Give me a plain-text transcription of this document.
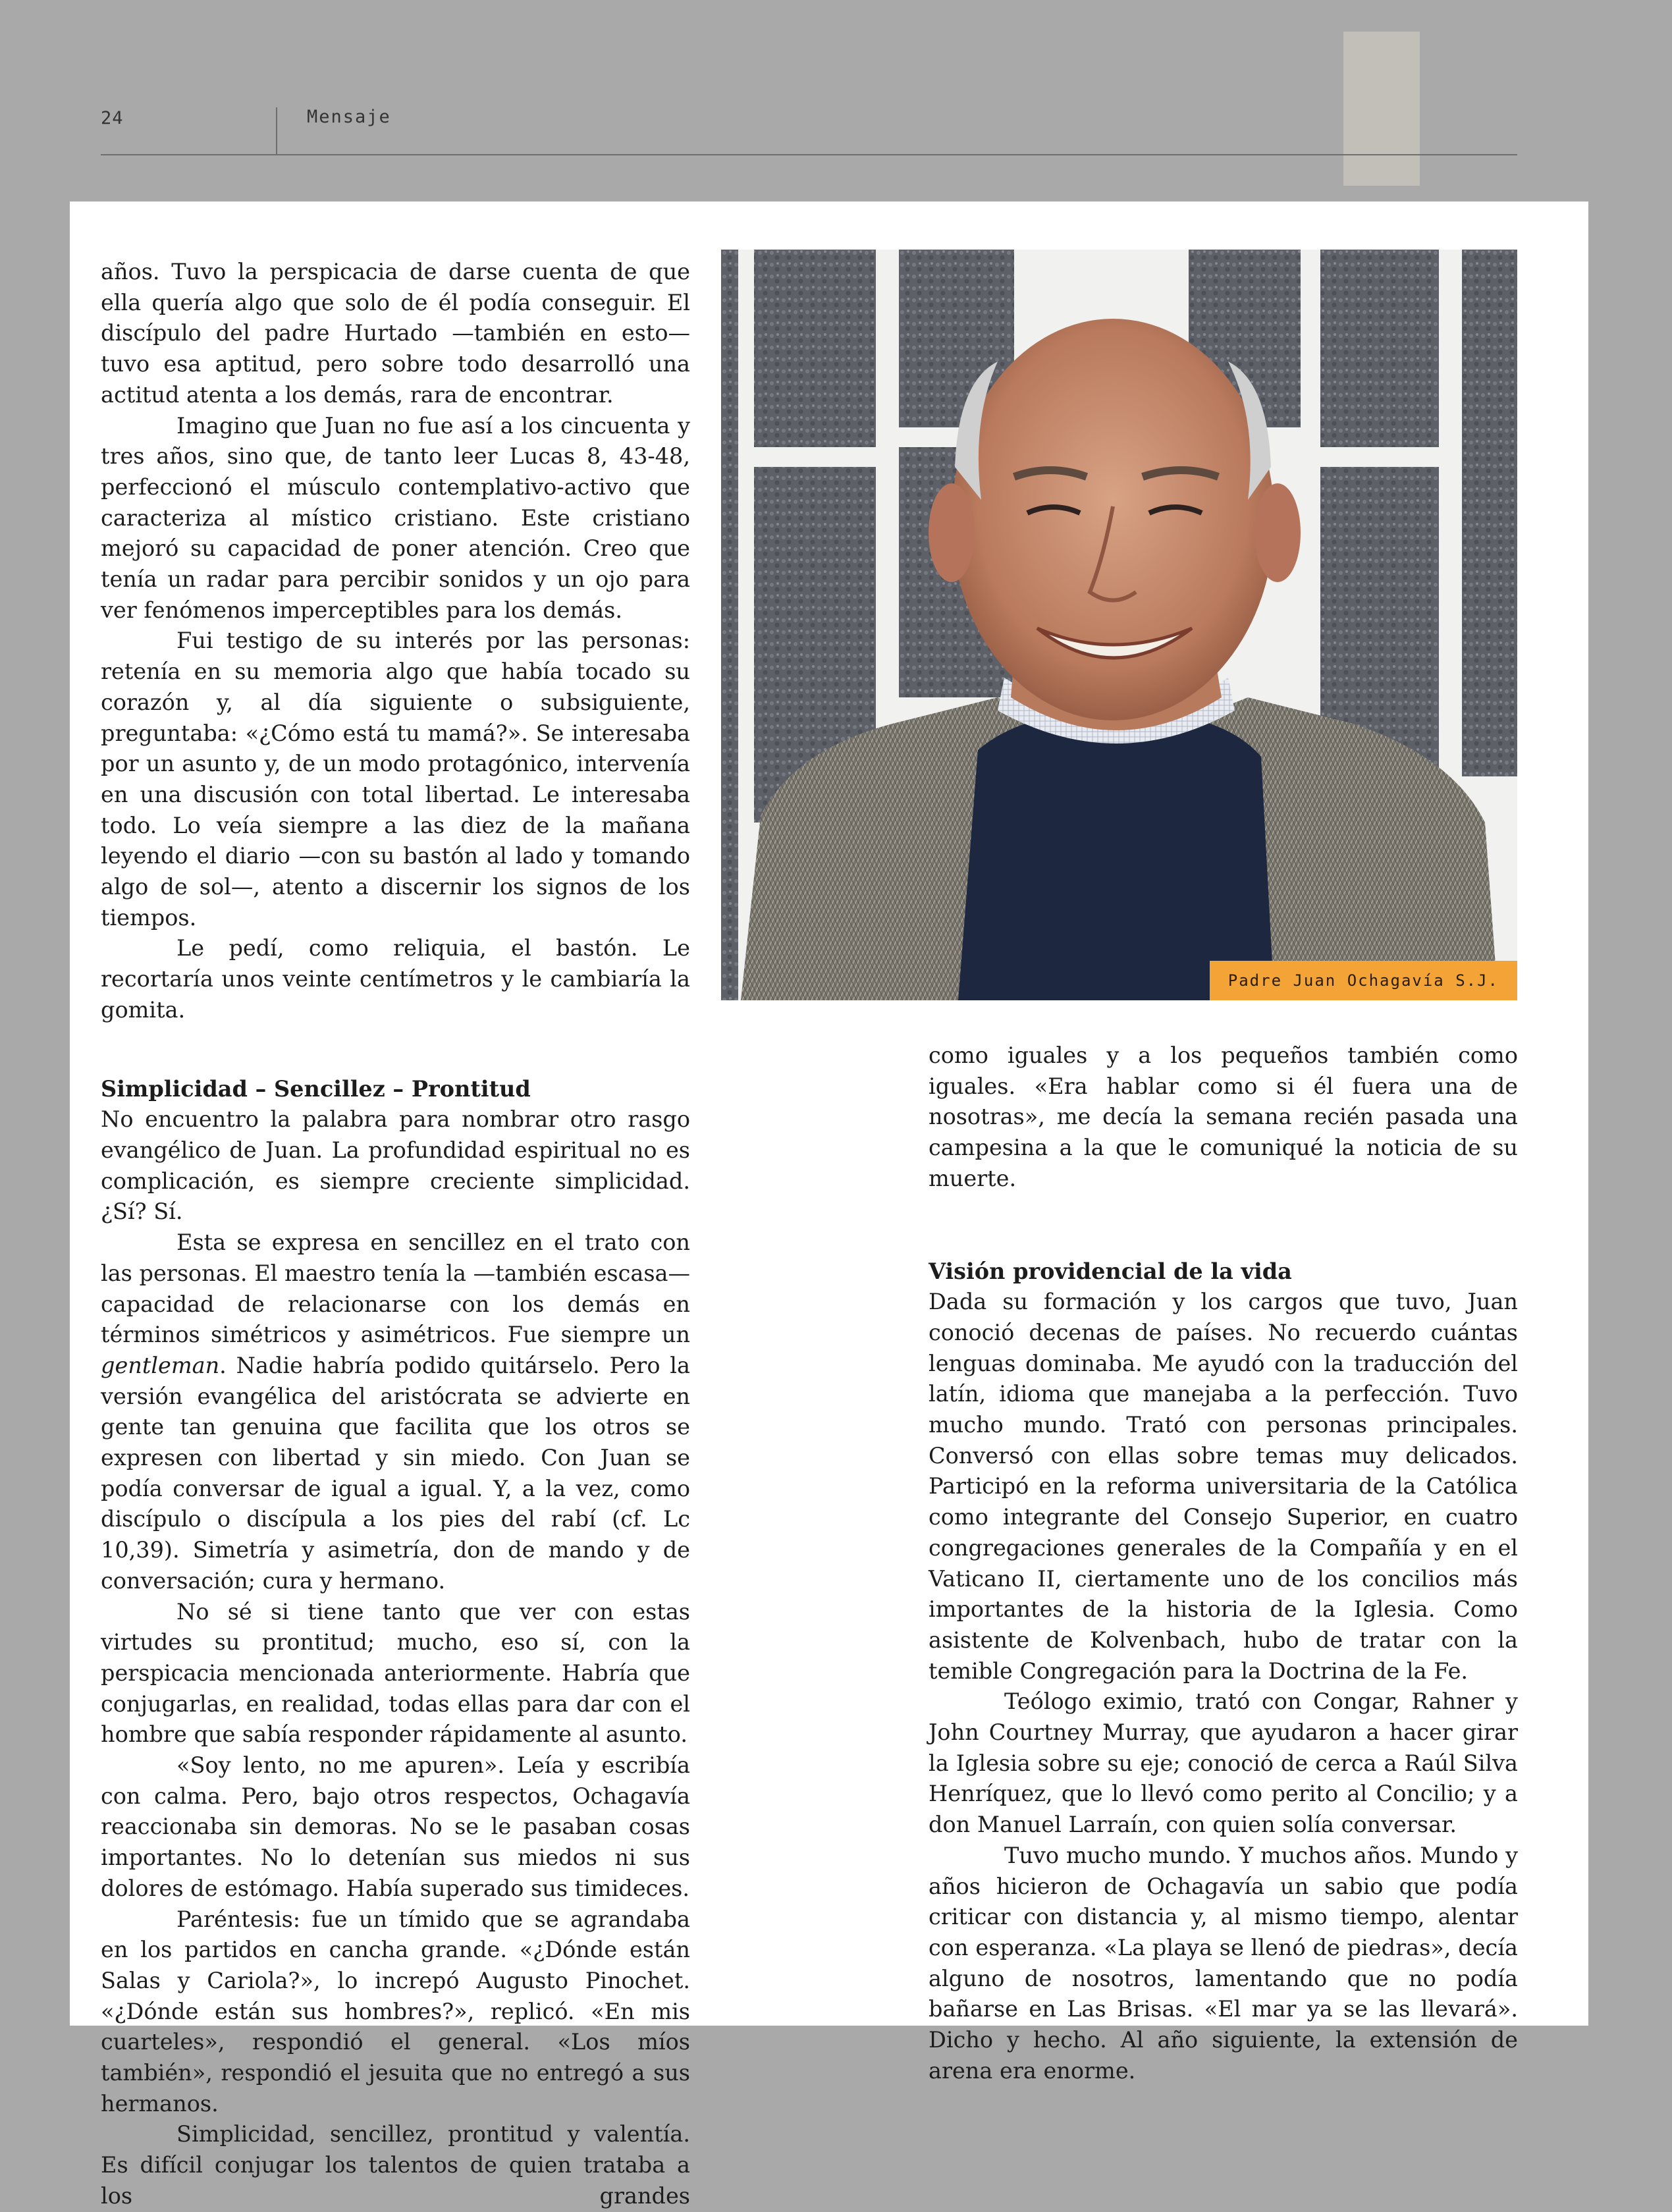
24	Mensaje

años. Tuvo la perspicacia de darse cuenta de que ella quería algo que solo de él podía conseguir. El discípulo del padre Hurtado —también en esto— tuvo esa aptitud, pero sobre todo desarrolló una actitud atenta a los demás, rara de encontrar.

Imagino que Juan no fue así a los cincuenta y tres años, sino que, de tanto leer Lucas 8, 43-48, perfeccionó el músculo contemplativo-activo que caracteriza al místico cristiano. Este cristiano mejoró su capacidad de poner atención. Creo que tenía un radar para percibir sonidos y un ojo para ver fenómenos imperceptibles para los demás.

Fui testigo de su interés por las personas: retenía en su memoria algo que había tocado su corazón y, al día siguiente o subsiguiente, preguntaba: «¿Cómo está tu mamá?». Se interesaba por un asunto y, de un modo protagónico, intervenía en una discusión con total libertad. Le interesaba todo. Lo veía siempre a las diez de la mañana leyendo el diario —con su bastón al lado y tomando algo de sol—, atento a discernir los signos de los tiempos.

Le pedí, como reliquia, el bastón. Le recortaría unos veinte centímetros y le cambiaría la gomita.

Simplicidad – Sencillez – Prontitud

No encuentro la palabra para nombrar otro rasgo evangélico de Juan. La profundidad espiritual no es complicación, es siempre creciente simplicidad. ¿Sí? Sí.

Esta se expresa en sencillez en el trato con las personas. El maestro tenía la —también escasa— capacidad de relacionarse con los demás en términos simétricos y asimétricos. Fue siempre un gentleman. Nadie habría podido quitárselo. Pero la versión evangélica del aristócrata se advierte en gente tan genuina que facilita que los otros se expresen con libertad y sin miedo. Con Juan se podía conversar de igual a igual. Y, a la vez, como discípulo o discípula a los pies del rabí (cf. Lc 10,39). Simetría y asimetría, don de mando y de conversación; cura y hermano.

No sé si tiene tanto que ver con estas virtudes su prontitud; mucho, eso sí, con la perspicacia mencionada anteriormente. Habría que conjugarlas, en realidad, todas ellas para dar con el hombre que sabía responder rápidamente al asunto.

«Soy lento, no me apuren». Leía y escribía con calma. Pero, bajo otros respectos, Ochagavía reaccionaba sin demoras. No se le pasaban cosas importantes. No lo detenían sus miedos ni sus dolores de estómago. Había superado sus timideces.

Paréntesis: fue un tímido que se agrandaba en los partidos en cancha grande. «¿Dónde están Salas y Cariola?», lo increpó Augusto Pinochet. «¿Dónde están sus hombres?», replicó. «En mis cuarteles», respondió el general. «Los míos también», respondió el jesuita que no entregó a sus hermanos.

Simplicidad, sencillez, prontitud y valentía. Es difícil conjugar los talentos de quien trataba a los grandes

Padre Juan Ochagavía S.J.

como iguales y a los pequeños también como iguales. «Era hablar como si él fuera una de nosotras», me decía la semana recién pasada una campesina a la que le comuniqué la noticia de su muerte.

Visión providencial de la vida

Dada su formación y los cargos que tuvo, Juan conoció decenas de países. No recuerdo cuántas lenguas dominaba. Me ayudó con la traducción del latín, idioma que manejaba a la perfección. Tuvo mucho mundo. Trató con personas principales. Conversó con ellas sobre temas muy delicados. Participó en la reforma universitaria de la Católica como integrante del Consejo Superior, en cuatro congregaciones generales de la Compañía y en el Vaticano II, ciertamente uno de los concilios más importantes de la historia de la Iglesia. Como asistente de Kolvenbach, hubo de tratar con la temible Congregación para la Doctrina de la Fe.

Teólogo eximio, trató con Congar, Rahner y John Courtney Murray, que ayudaron a hacer girar la Iglesia sobre su eje; conoció de cerca a Raúl Silva Henríquez, que lo llevó como perito al Concilio; y a don Manuel Larraín, con quien solía conversar.

Tuvo mucho mundo. Y muchos años. Mundo y años hicieron de Ochagavía un sabio que podía criticar con distancia y, al mismo tiempo, alentar con esperanza. «La playa se llenó de piedras», decía alguno de nosotros, lamentando que no podía bañarse en Las Brisas. «El mar ya se las llevará». Dicho y hecho. Al año siguiente, la extensión de arena era enorme.
